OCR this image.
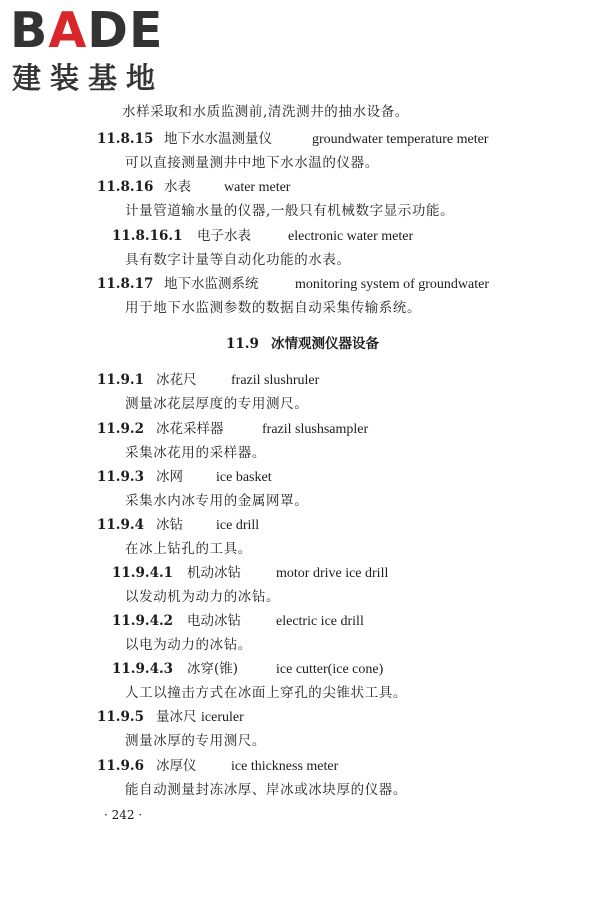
BADE
建装基地
水样采取和水质监测前,清洗测井的抽水设备。
11.8.15 地下水水温测量仪	groundwater temperature meter
可以直接测量测井中地下水水温的仪器。
11.8.16 水表 water meter
计量管道输水量的仪器,一般只有机械数字显示功能。
11.8.16.1 电子水表	electronic water meter
具有数字计量等自动化功能的水表。
11.8.17 地下水监测系统	monitoring system of groundwater
用于地下水监测参数的数据自动采集传输系统。
11.9 冰情观测仪器设备
11.9.1 冰花尺 frazil slushruler
测量冰花层厚度的专用测尺。
11.9.2 冰花采样器	frazil slushsampler
采集冰花用的采样器。
11.9.3 冰网 ice basket
采集水内冰专用的金属网罩。
11.9.4 冰钻 ice drill
在冰上钻孔的工具。
11.9.4.1 机动冰钻	motor drive ice drill
以发动机为动力的冰钻。
11.9.4.2 电动冰钻	electric ice drill
以电为动力的冰钻。
11.9.4.3 冰穿(锥)	ice cutter(ice cone)
人工以撞击方式在冰面上穿孔的尖锥状工具。
11.9.5 量冰尺 iceruler
测量冰厚的专用测尺。
11.9.6 冰厚仪 ice thickness meter
能自动测量封冻冰厚、岸冰或冰块厚的仪器。
· 242 ·
